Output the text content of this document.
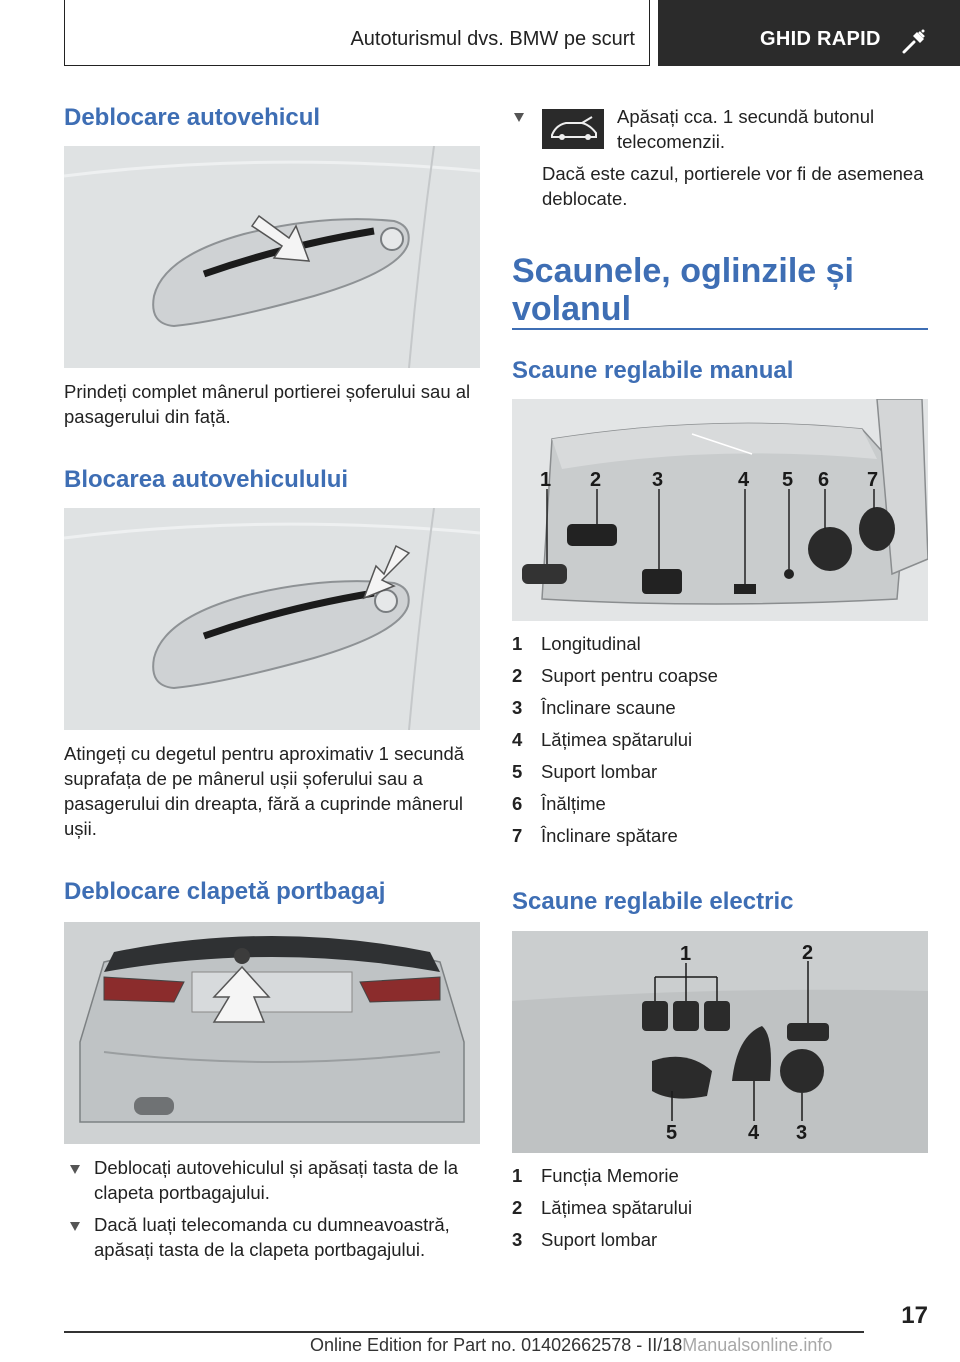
Autoturismul dvs. BMW pe scurt	GHID RAPID
Deblocare autovehicul
Prindeți complet mânerul portierei șoferului sau al pasagerului din față.
Blocarea autovehiculului
Atingeți cu degetul pentru aproximativ 1 secundă suprafața de pe mânerul ușii șoferului sau a pasagerului din dreapta, fără a cuprinde mânerul ușii.
Deblocare clapetă portbagaj
Deblocați autovehiculul și apăsați tasta de la clapeta portbagajului.
Dacă luați telecomanda cu dumneavoastră, apăsați tasta de la clapeta portbagajului.
Apăsați cca. 1 secundă butonul telecomenzii.
Dacă este cazul, portierele vor fi de asemenea deblocate.
Scaunele, oglinzile și volanul
Scaune reglabile manual
1 2	3	4 5 6 7
1 Longitudinal
2 Suport pentru coapse
3 Înclinare scaune
4 Lățimea spătarului
5 Suport lombar
6 Înălțime
7 Înclinare spătare
Scaune reglabile electric
1	2
5	4 3
1 Funcția Memorie
2 Lățimea spătarului
3 Suport lombar
17
Online Edition for Part no. 01402662578 - II/18Manualsonline.info
